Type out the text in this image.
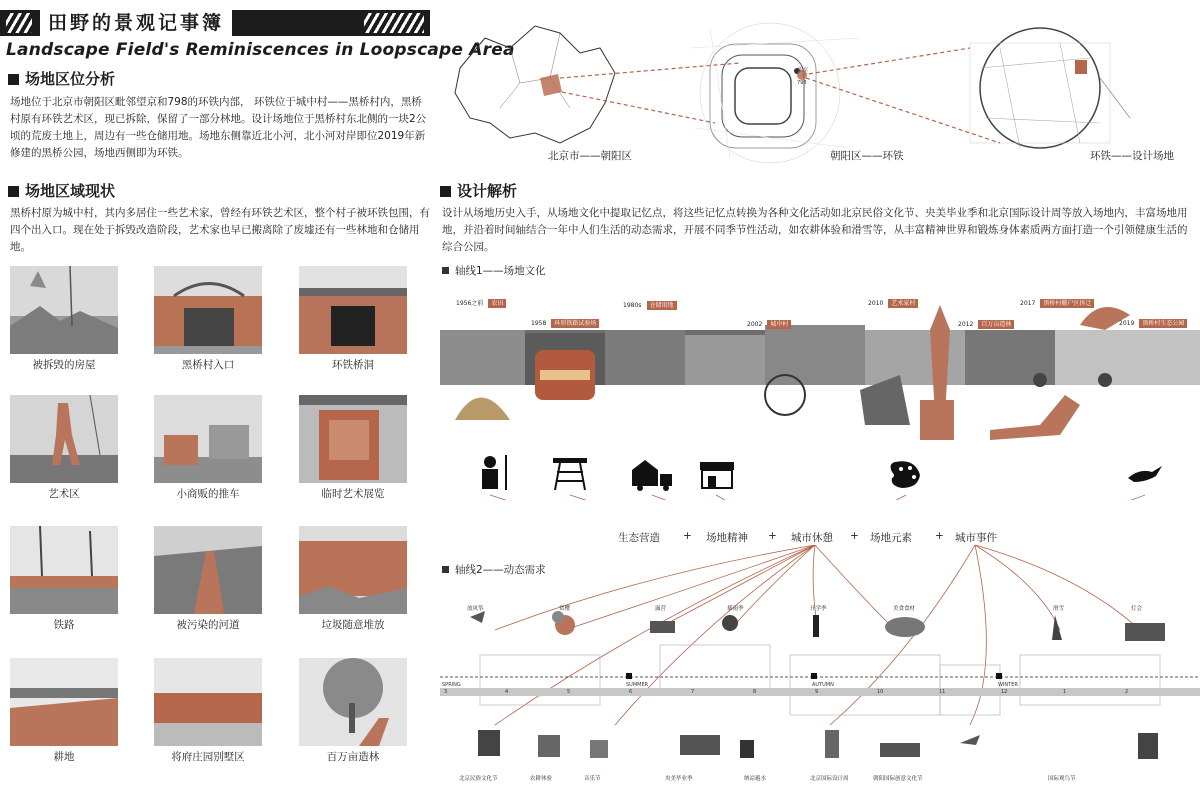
田野的景观记事簿
Landscape Field's Reminiscences in Loopscape Area
场地区位分析
场地位于北京市朝阳区毗邻望京和798的环铁内部， 环铁位于城中村——黑桥村内，黑桥村原有环铁艺术区，现已拆除，保留了一部分林地。设计场地位于黑桥村东北侧的一块2公顷的荒废土地上，周边有一些仓储用地。场地东侧靠近北小河，北小河对岸即位2019年新修建的黑桥公园，场地西侧即为环铁。
场地区域现状
黑桥村原为城中村，其内多居住一些艺术家，曾经有环铁艺术区，整个村子被环铁包围，有四个出入口。现在处于拆毁改造阶段，艺术家也早已搬离除了废墟还有一些林地和仓储用地。
被拆毁的房屋	黑桥村入口	环铁桥洞
艺术区	小商贩的推车	临时艺术展览
铁路	被污染的河道	垃圾随意堆放
耕地	将府庄园别墅区	百万亩造林
望京
798
北京市——朝阳区	朝阳区——环铁	环铁——设计场地
设计解析
设计从场地历史入手，从场地文化中提取记忆点，将这些记忆点转换为各种文化活动如北京民俗文化节、央美毕业季和北京国际设计周等放入场地内，丰富场地用地，并沿着时间轴结合一年中人们生活的动态需求，开展不同季节性活动，如农耕体验和滑雪等，从丰富精神世界和锻炼身体素质两方面打造一个引领健康生活的综合公园。
轴线1——场地文化
1956之前 农田
1958 环形铁路试验场
1980s 仓储用地
2002 城中村
2010 艺术家村
2012 百万亩造林
2017 黑桥村棚户区拆迁
2019 黑桥村生态公园
生态营造 + 场地精神 + 城市休憩 + 场地元素 + 城市事件
轴线2——动态需求
SPRING	SUMMER	AUTUMN	WINTER
3	4	5	6	7	8	9	10	11	12	1	2
放风筝	赏樱	露营	插雨季	开学季	美食食材	滑雪	灯会
北京民俗文化节	农耕体验	音乐节	央美毕业季	纳凉避水	北京国际设计周	朝阳国际创意文化节	国际观鸟节
